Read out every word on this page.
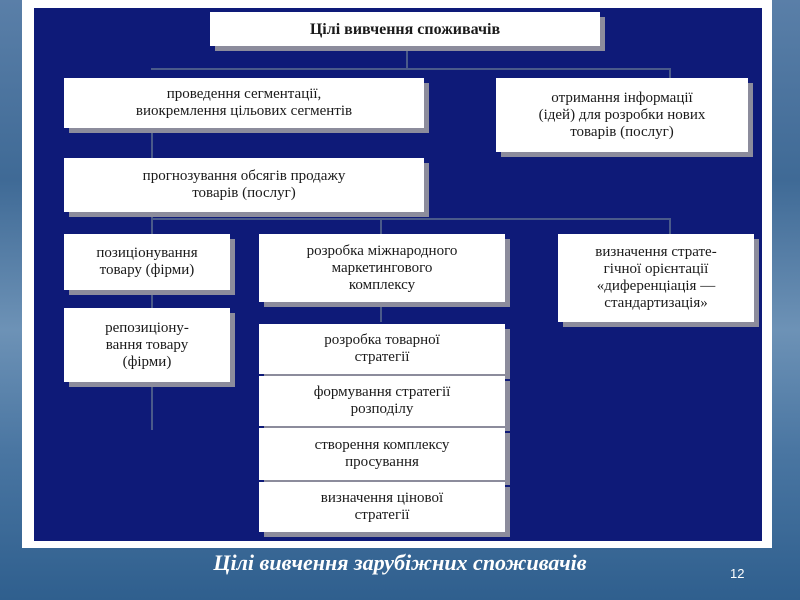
Цілі вивчення споживачів
проведення сегментації,
виокремлення цільових сегментів
отримання інформації
(ідей) для розробки нових
товарів (послуг)
прогнозування обсягів продажу
товарів (послуг)
позиціонування
товару (фірми)
розробка міжнародного
маркетингового
комплексу
визначення страте-
гічної орієнтації
«диференціація —
стандартизація»
репозиціону-
вання товару
(фірми)
розробка товарної
стратегії
формування стратегії
розподілу
створення комплексу
просування
визначення цінової
стратегії
Цілі вивчення зарубіжних споживачів	12
